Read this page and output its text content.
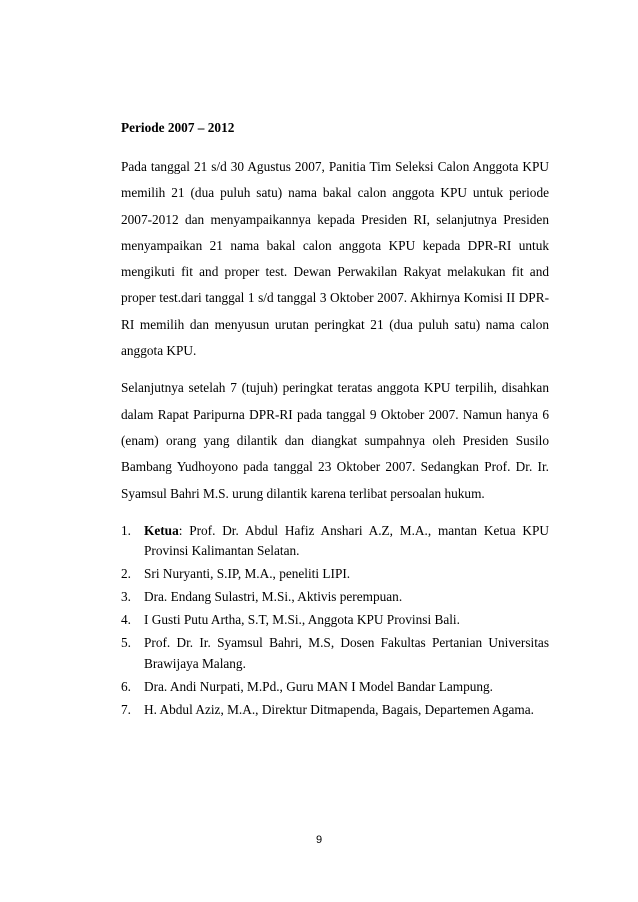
Periode 2007 – 2012

Pada tanggal 21 s/d 30 Agustus 2007, Panitia Tim Seleksi Calon Anggota KPU memilih 21 (dua puluh satu) nama bakal calon anggota KPU untuk periode 2007-2012 dan menyampaikannya kepada Presiden RI, selanjutnya Presiden menyampaikan 21 nama bakal calon anggota KPU kepada DPR-RI untuk mengikuti fit and proper test. Dewan Perwakilan Rakyat melakukan fit and proper test.dari tanggal 1 s/d tanggal 3 Oktober 2007. Akhirnya Komisi II DPR-RI memilih dan menyusun urutan peringkat 21 (dua puluh satu) nama calon anggota KPU.

Selanjutnya setelah 7 (tujuh) peringkat teratas anggota KPU terpilih, disahkan dalam Rapat Paripurna DPR-RI pada tanggal 9 Oktober 2007. Namun hanya 6 (enam) orang yang dilantik dan diangkat sumpahnya oleh Presiden Susilo Bambang Yudhoyono pada tanggal 23 Oktober 2007. Sedangkan Prof. Dr. Ir. Syamsul Bahri M.S. urung dilantik karena terlibat persoalan hukum.

1. Ketua: Prof. Dr. Abdul Hafiz Anshari A.Z, M.A., mantan Ketua KPU Provinsi Kalimantan Selatan.
2. Sri Nuryanti, S.IP, M.A., peneliti LIPI.
3. Dra. Endang Sulastri, M.Si., Aktivis perempuan.
4. I Gusti Putu Artha, S.T, M.Si., Anggota KPU Provinsi Bali.
5. Prof. Dr. Ir. Syamsul Bahri, M.S, Dosen Fakultas Pertanian Universitas Brawijaya Malang.
6. Dra. Andi Nurpati, M.Pd., Guru MAN I Model Bandar Lampung.
7. H. Abdul Aziz, M.A., Direktur Ditmapenda, Bagais, Departemen Agama.
9
